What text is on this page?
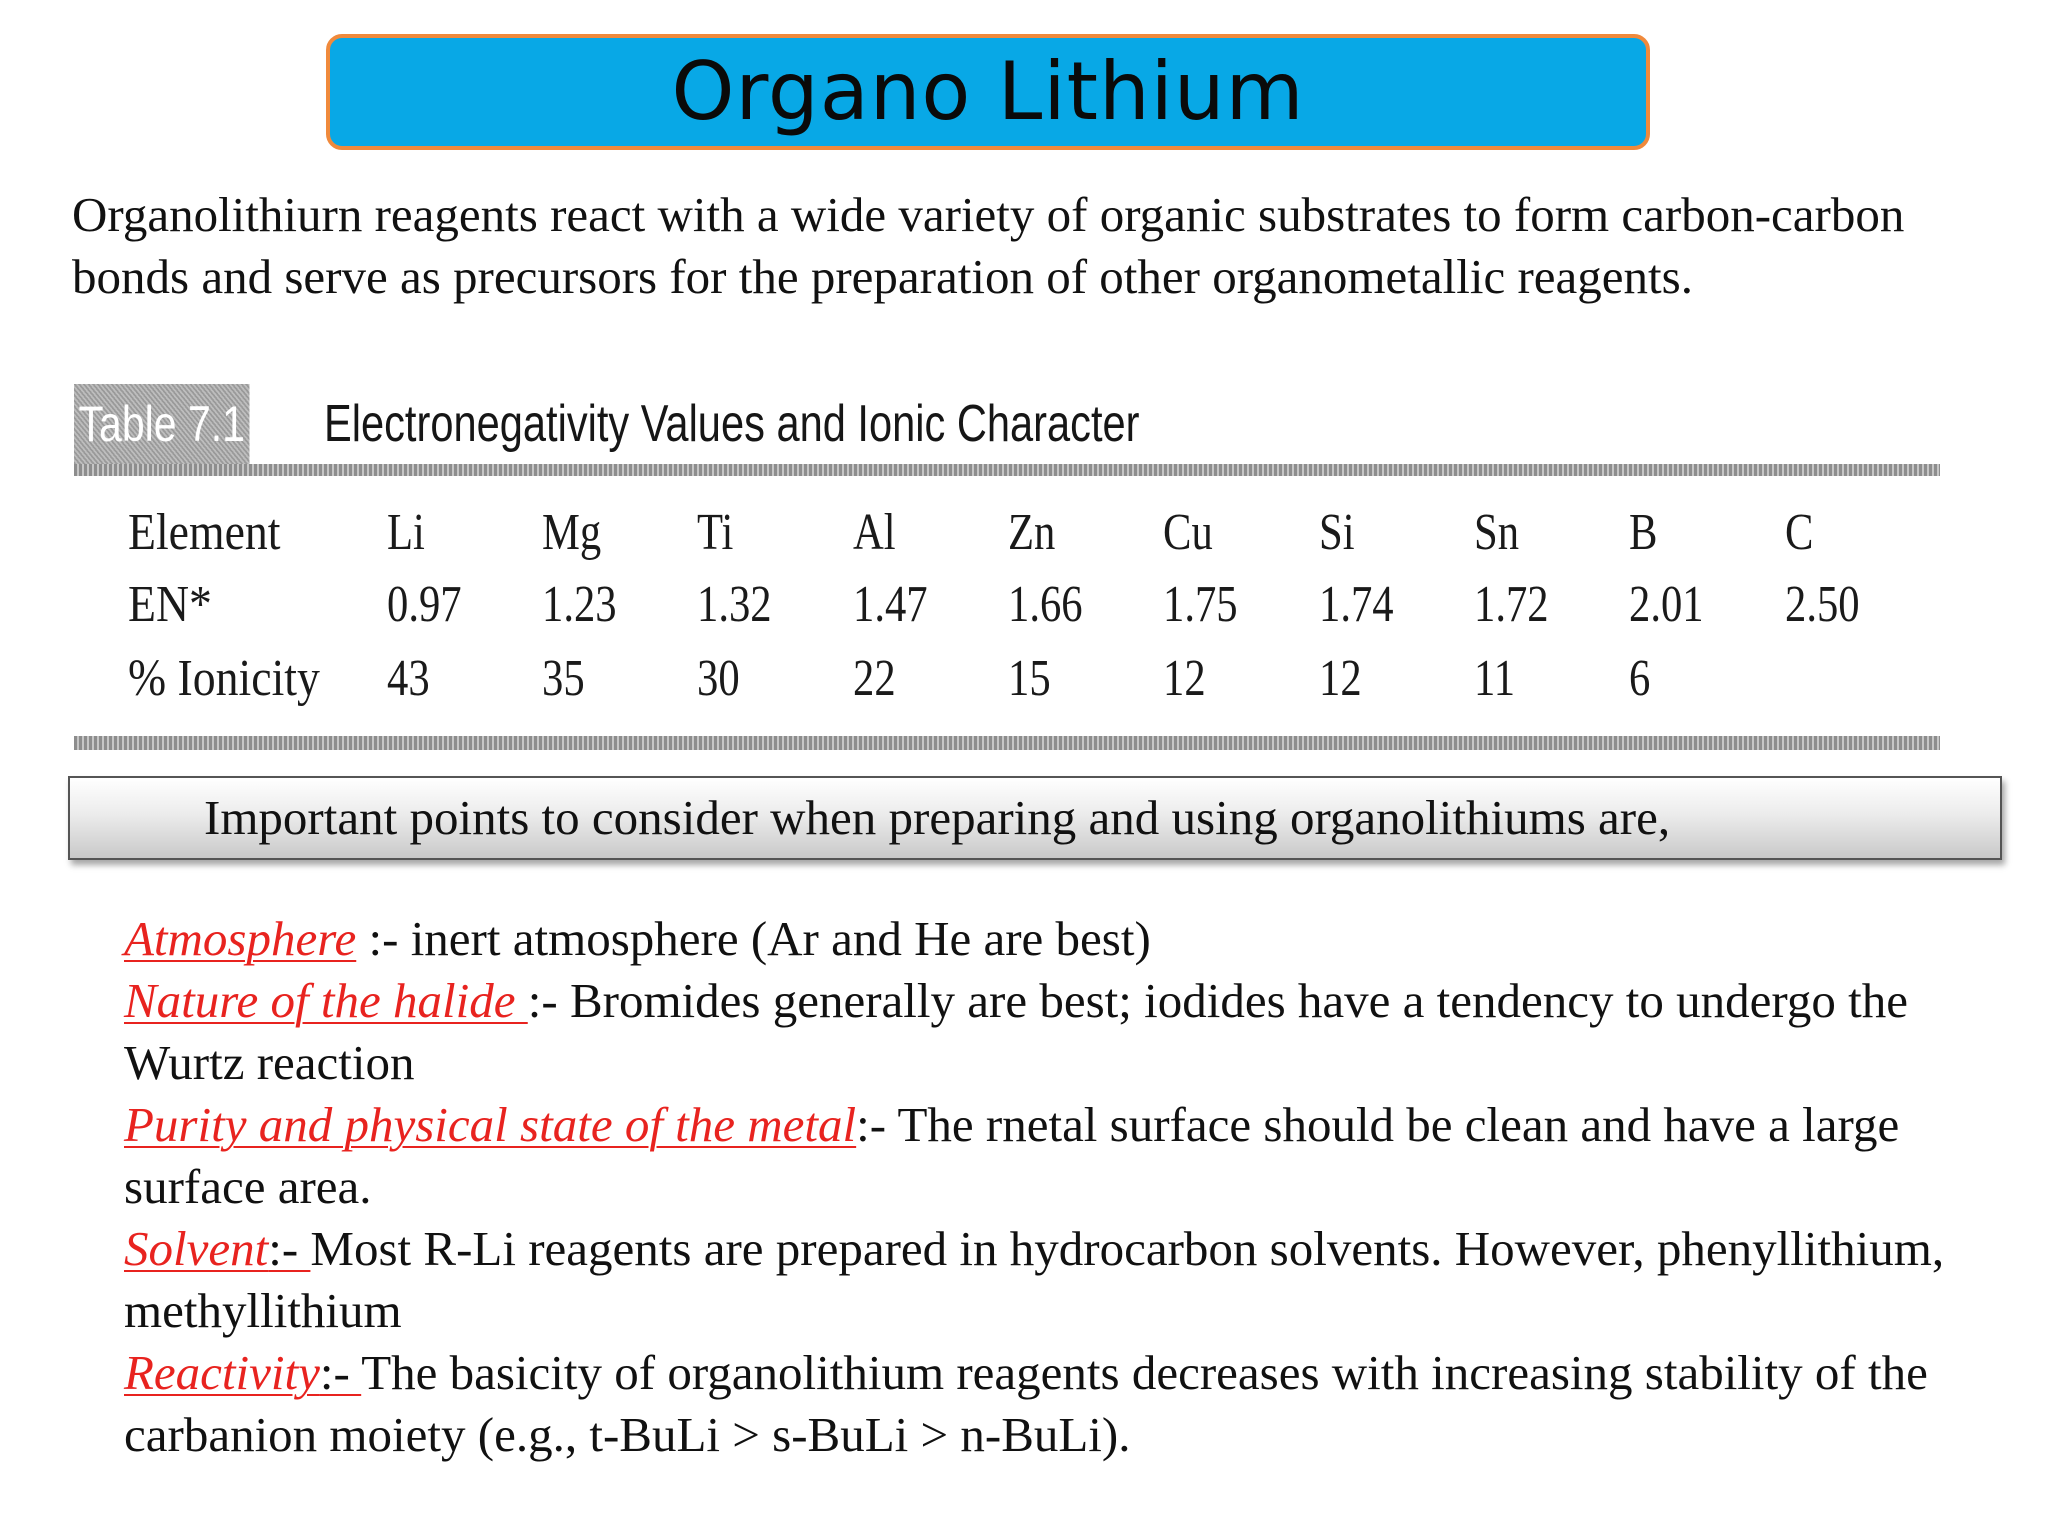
Organo Lithium

Organolithiurn reagents react with a wide variety of organic substrates to form carbon-carbon bonds and serve as precursors for the preparation of other organometallic reagents.

Table 7.1 Electronegativity Values and Ionic Character
Element	Li	Mg	Ti	Al	Zn	Cu	Si	Sn	B	C
EN*	0.97	1.23	1.32	1.47	1.66	1.75	1.74	1.72	2.01	2.50
% Ionicity	43	35	30	22	15	12	12	11	6
Important points to consider when preparing and using organolithiums are,
Atmosphere :- inert atmosphere (Ar and He are best)
Nature of the halide :- Bromides generally are best; iodides have a tendency to undergo the Wurtz reaction
Purity and physical state of the metal:- The rnetal surface should be clean and have a large surface area.
Solvent:- Most R-Li reagents are prepared in hydrocarbon solvents. However, phenyllithium, methyllithium
Reactivity:- The basicity of organolithium reagents decreases with increasing stability of the carbanion moiety (e.g., t-BuLi > s-BuLi > n-BuLi).
